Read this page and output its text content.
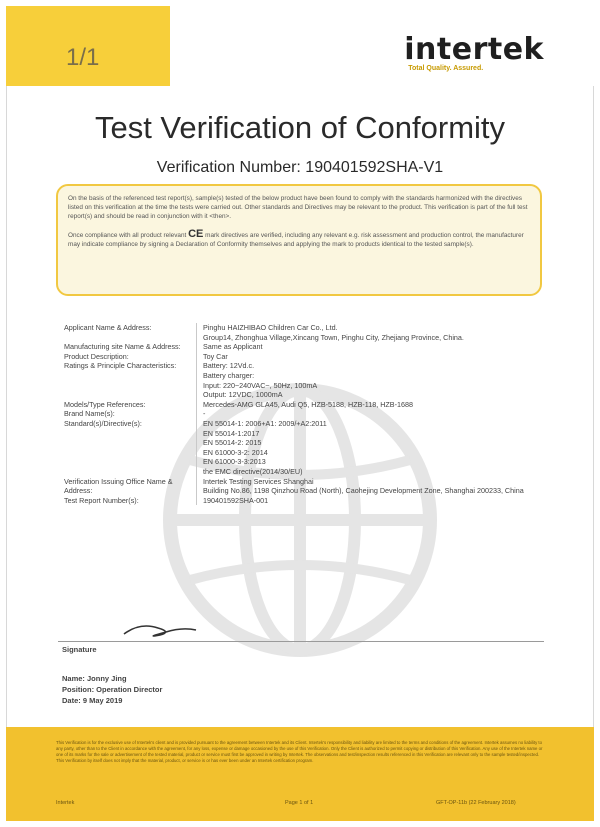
1/1	intertek
Total Quality. Assured.
Test Verification of Conformity
Verification Number: 190401592SHA-V1

On the basis of the referenced test report(s), sample(s) tested of the below product have been found to comply with the standards harmonized with the directives listed on this verification at the time the tests were carried out. Other standards and Directives may be relevant to the product. This verification is part of the full test report(s) and should be read in conjunction with it <then>.

Once compliance with all product relevant CE mark directives are verified, including any relevant e.g. risk assessment and production control, the manufacturer may indicate compliance by signing a Declaration of Conformity themselves and applying the mark to products identical to the tested sample(s).

Applicant Name & Address:	Pinghu HAIZHIBAO Children Car Co., Ltd.
Group14, Zhonghua Village,Xincang Town, Pinghu City, Zhejiang Province, China.
Manufacturing site Name & Address:	Same as Applicant
Product Description:	Toy Car
Ratings & Principle Characteristics:	Battery: 12Vd.c.
Battery charger:
Input: 220~240VAC~, 50Hz, 100mA
Output: 12VDC, 1000mA
Models/Type References:	Mercedes-AMG GLA45, Audi Q5, HZB-5188, HZB-118, HZB-1688
Brand Name(s):	-
Standard(s)/Directive(s):	EN 55014-1: 2006+A1: 2009/+A2:2011
EN 55014-1:2017
EN 55014-2: 2015
EN 61000-3-2: 2014
EN 61000-3-3:2013
the EMC directive(2014/30/EU)
Verification Issuing Office Name & Address:
Intertek Testing Services Shanghai
Building No.86, 1198 Qinzhou Road (North), Caohejing Development Zone, Shanghai 200233, China
Test Report Number(s):	190401592SHA-001
Signature
Name: Jonny Jing
Position: Operation Director
Date: 9 May 2019
This Verification is for the exclusive use of Intertek's client and is provided pursuant to the agreement between Intertek and its Client. Intertek's responsibility and liability are limited to the terms and conditions of the agreement. Intertek assumes no liability to any party, other than to the Client in accordance with the agreement, for any loss, expense or damage occasioned by the use of this Verification. Only the Client is authorized to permit copying or distribution of this Verification. Any use of the Intertek name or one of its marks for the sale or advertisement of the tested material, product or service must first be approved in writing by Intertek. The observations and test/inspection results referenced in this Verification are relevant only to the sample tested/inspected. This Verification by itself does not imply that the material, product, or service is or has ever been under an Intertek certification program.
Intertek	Page 1 of 1	GFT-OP-11b (22 February 2018)
